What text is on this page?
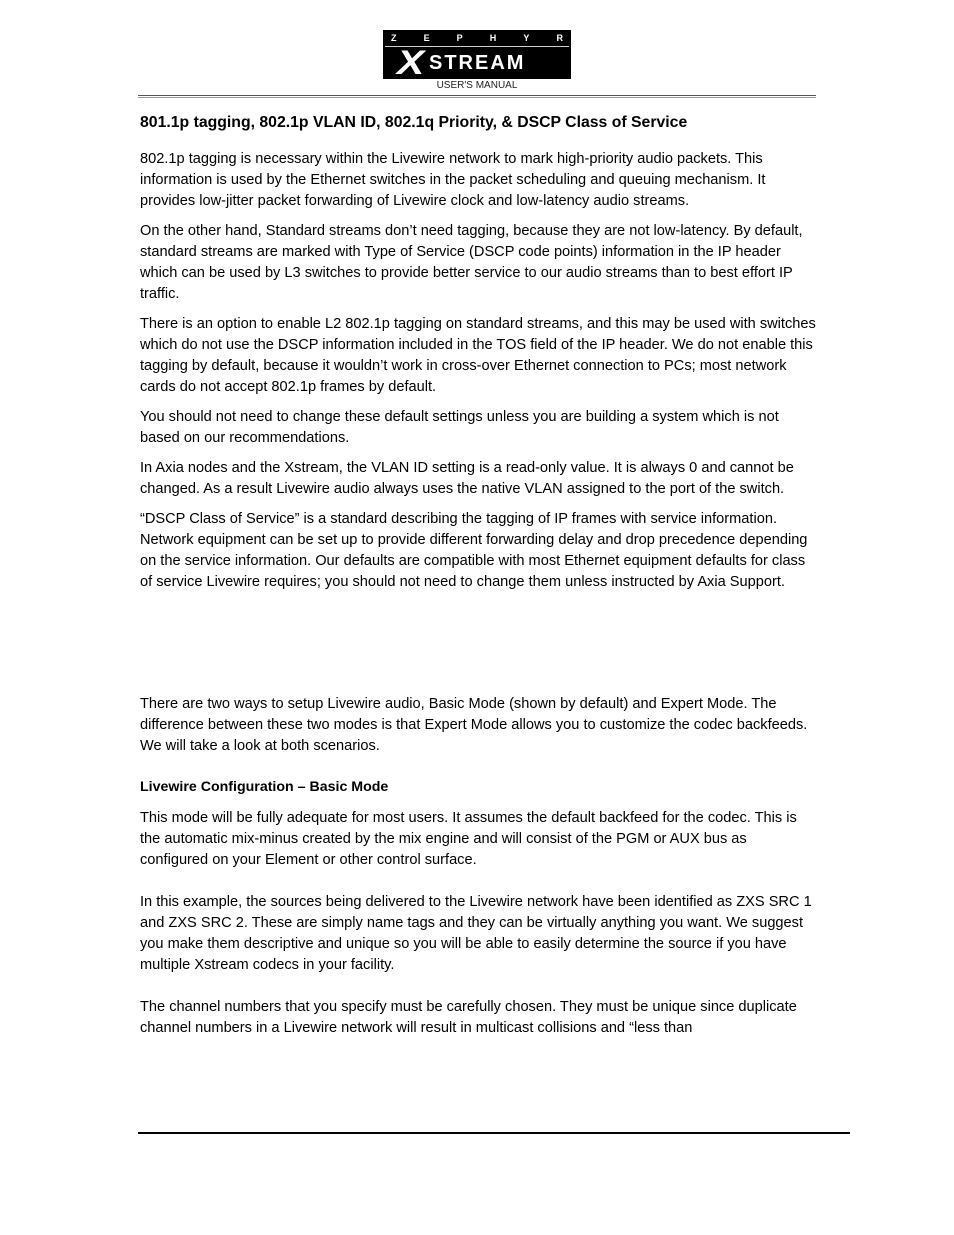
Z	E	P	H	Y	R
X STREAM
USER'S MANUAL
801.1p tagging, 802.1p VLAN ID, 802.1q Priority, & DSCP Class of Service

802.1p tagging is necessary within the Livewire network to mark high-priority audio packets. This information is used by the Ethernet switches in the packet scheduling and queuing mechanism. It provides low-jitter packet forwarding of Livewire clock and low-latency audio streams.

On the other hand, Standard streams don’t need tagging, because they are not low-latency. By default, standard streams are marked with Type of Service (DSCP code points) information in the IP header which can be used by L3 switches to provide better service to our audio streams than to best effort IP traffic.

There is an option to enable L2 802.1p tagging on standard streams, and this may be used with switches which do not use the DSCP information included in the TOS field of the IP header. We do not enable this tagging by default, because it wouldn’t work in cross-over Ethernet connection to PCs; most network cards do not accept 802.1p frames by default.

You should not need to change these default settings unless you are building a system which is not based on our recommendations.

In Axia nodes and the Xstream, the VLAN ID setting is a read-only value. It is always 0 and cannot be changed. As a result Livewire audio always uses the native VLAN assigned to the port of the switch.

“DSCP Class of Service” is a standard describing the tagging of IP frames with service information. Network equipment can be set up to provide different forwarding delay and drop precedence depending on the service information. Our defaults are compatible with most Ethernet equipment defaults for class of service Livewire requires; you should not need to change them unless instructed by Axia Support.

There are two ways to setup Livewire audio, Basic Mode (shown by default) and Expert Mode. The difference between these two modes is that Expert Mode allows you to customize the codec backfeeds. We will take a look at both scenarios.

Livewire Configuration – Basic Mode

This mode will be fully adequate for most users. It assumes the default backfeed for the codec. This is the automatic mix-minus created by the mix engine and will consist of the PGM or AUX bus as configured on your Element or other control surface.

In this example, the sources being delivered to the Livewire network have been identified as ZXS SRC 1 and ZXS SRC 2. These are simply name tags and they can be virtually anything you want. We suggest you make them descriptive and unique so you will be able to easily determine the source if you have multiple Xstream codecs in your facility.

The channel numbers that you specify must be carefully chosen. They must be unique since duplicate channel numbers in a Livewire network will result in multicast collisions and “less than
